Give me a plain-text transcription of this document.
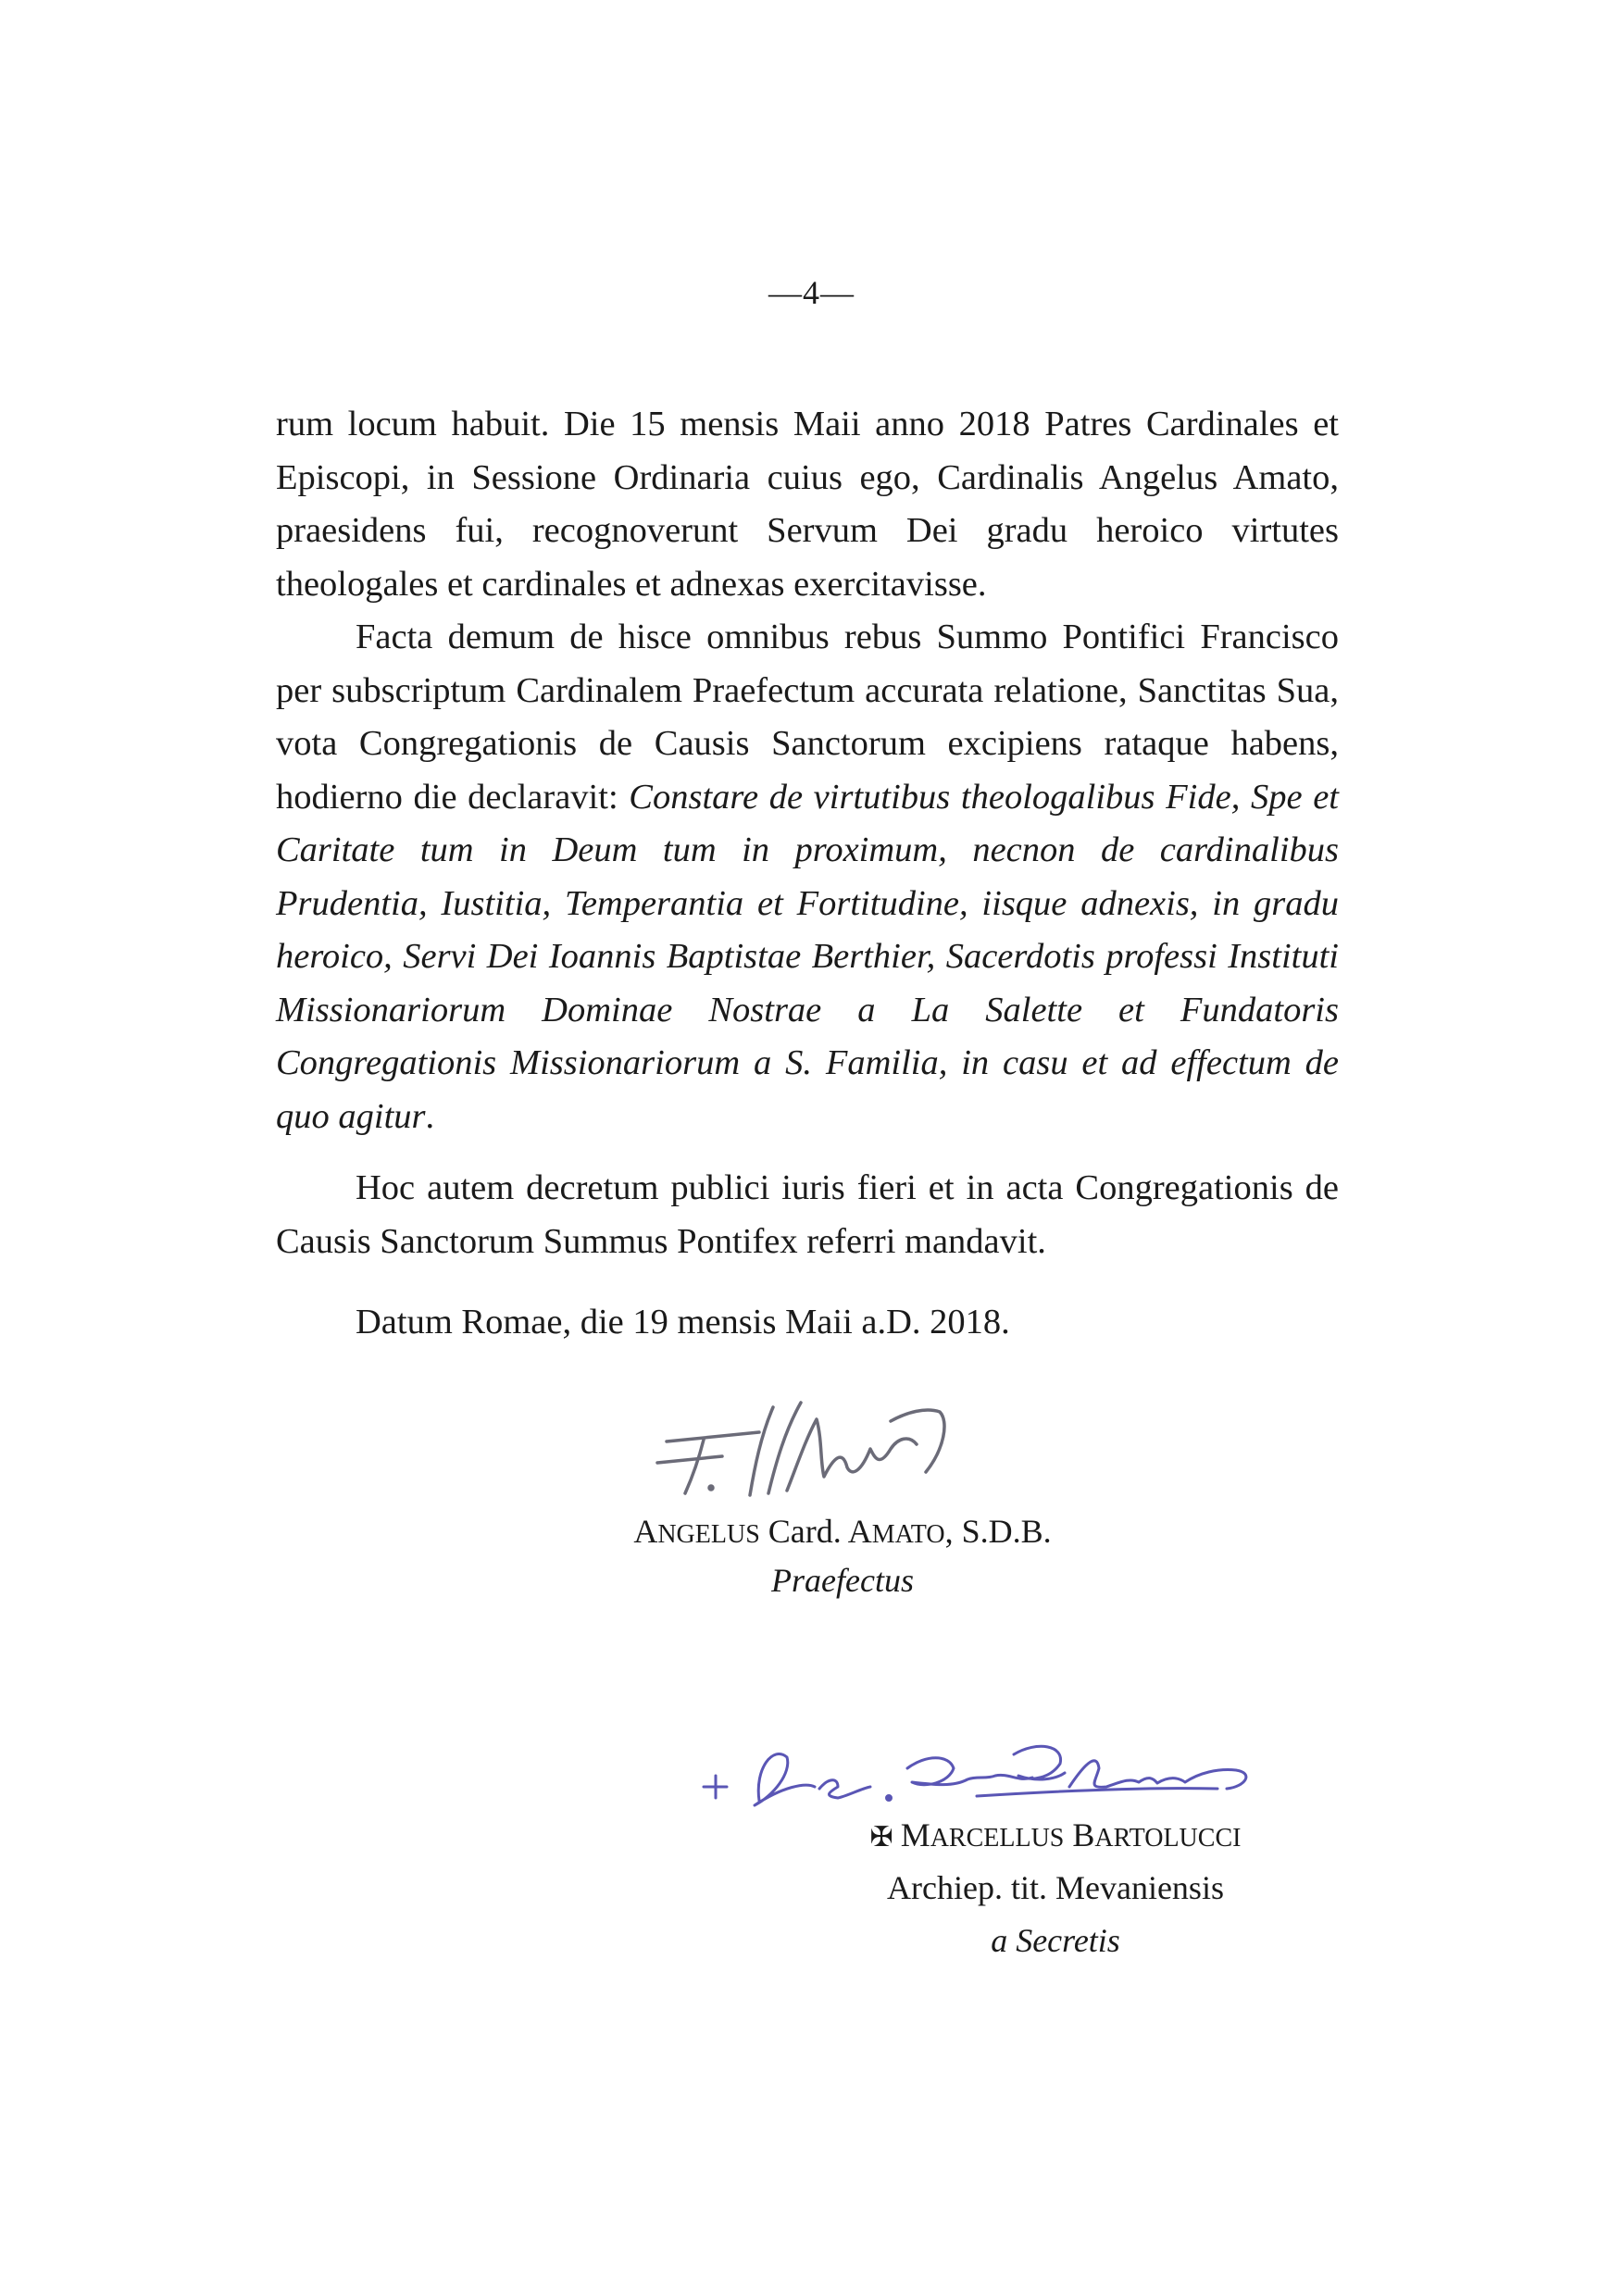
—4—
rum locum habuit. Die 15 mensis Maii anno 2018 Patres Cardinales et Episcopi, in Sessione Ordinaria cuius ego, Cardinalis Angelus Amato, praesidens fui, recognoverunt Servum Dei gradu heroico virtutes theologales et cardinales et adnexas exercitavisse.
Facta demum de hisce omnibus rebus Summo Pontifici Francisco per subscriptum Cardinalem Praefectum accurata relatione, Sanctitas Sua, vota Congregationis de Causis Sanctorum excipiens rataque habens, hodierno die declaravit: Constare de virtutibus theologalibus Fide, Spe et Caritate tum in Deum tum in proximum, necnon de cardinalibus Prudentia, Iustitia, Temperantia et Fortitudine, iisque adnexis, in gradu heroico, Servi Dei Ioannis Baptistae Berthier, Sacerdotis professi Instituti Missionariorum Dominae Nostrae a La Salette et Fundatoris Congregationis Missionariorum a S. Familia, in casu et ad effectum de quo agitur.
Hoc autem decretum publici iuris fieri et in acta Congregationis de Causis Sanctorum Summus Pontifex referri mandavit.
Datum Romae, die 19 mensis Maii a.D. 2018.
ANGELUS Card. AMATO, S.D.B.
Praefectus
✠ MARCELLUS BARTOLUCCI
Archiep. tit. Mevaniensis
a Secretis
